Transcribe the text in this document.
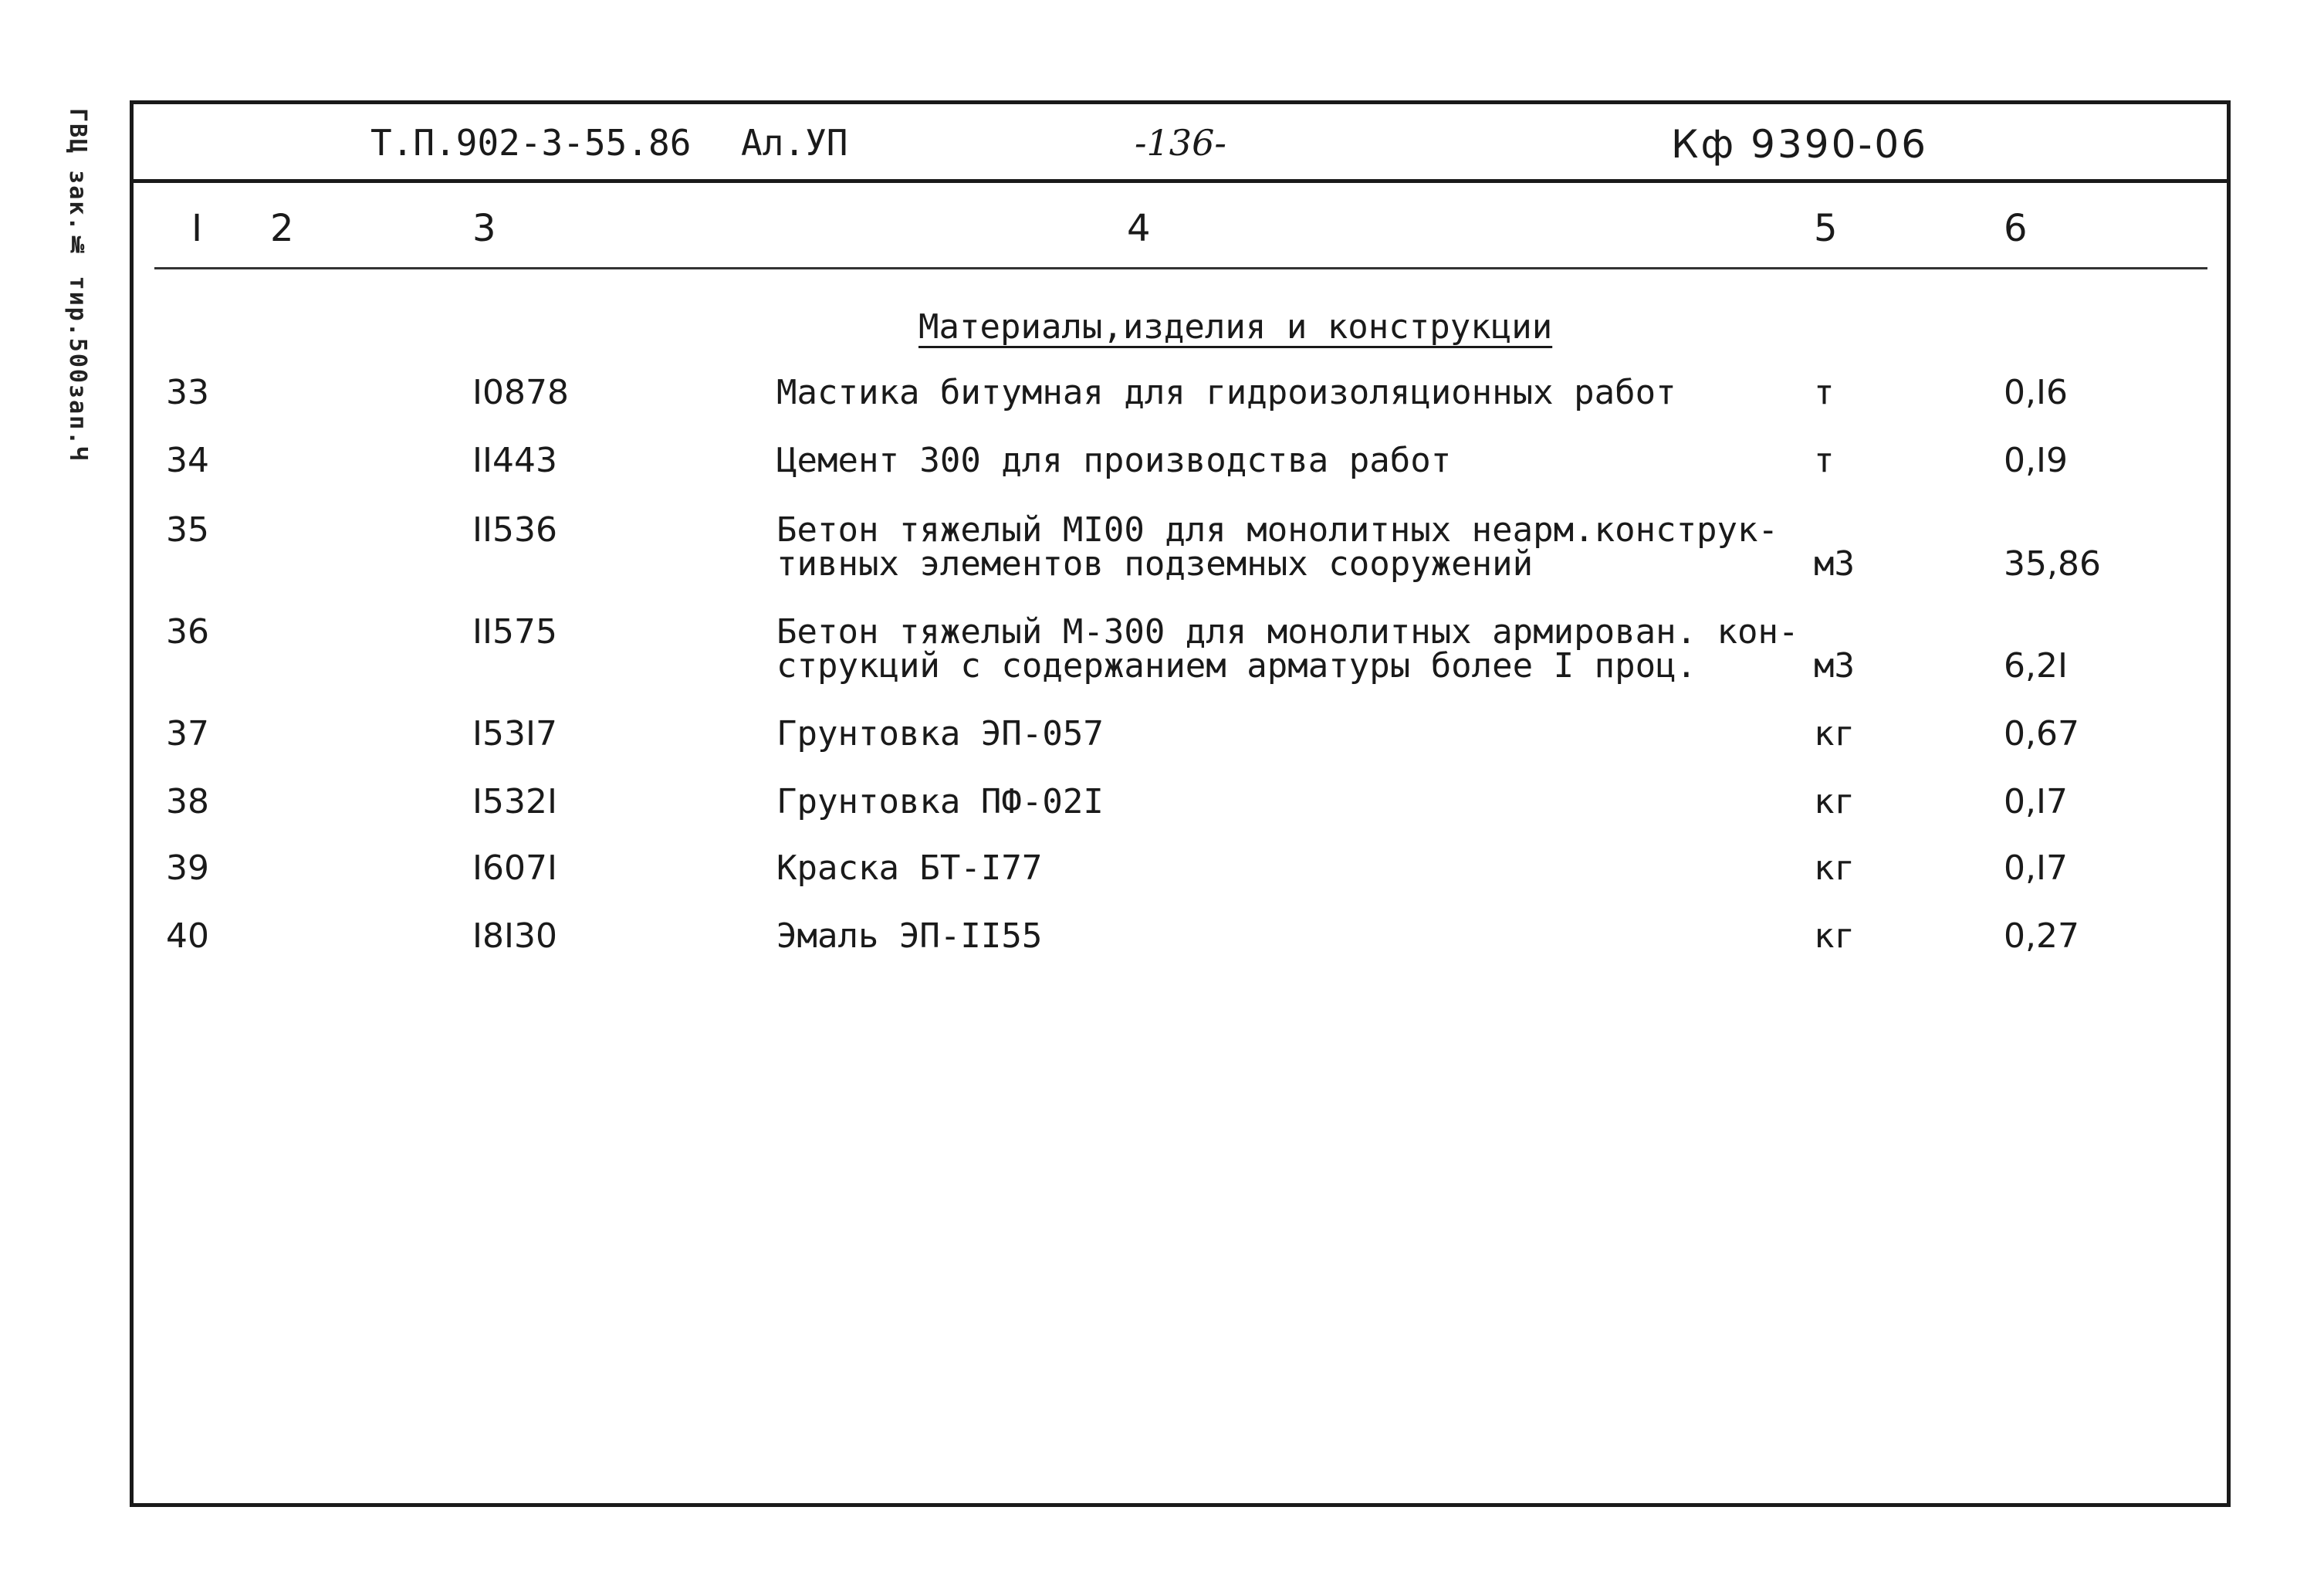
ГВЦ зак.№ тир.500зап.Ч	Т.П.902-3-55.86 Ал.УП	-136-	Кф 9390-06
I 2	3	4	5	6
Материалы,изделия и конструкции
33	I0878	Мастика битумная для гидроизоляционных работ	т	0,I6
34	II443	Цемент 300 для производства работ	т	0,I9
35	II536	Бетон тяжелый МI00 для монолитных неарм.конструк-
тивных элементов подземных сооружений	м3	35,86
36	II575	Бетон тяжелый М-300 для монолитных армирован. кон-
струкций с содержанием арматуры более I проц.	м3	6,2I
37	I53I7	Грунтовка ЭП-057	кг	0,67
38	I532I	Грунтовка ПФ-02I	кг	0,I7
39	I607I	Краска БТ-I77	кг	0,I7
40	I8I30	Эмаль ЭП-II55	кг	0,27
